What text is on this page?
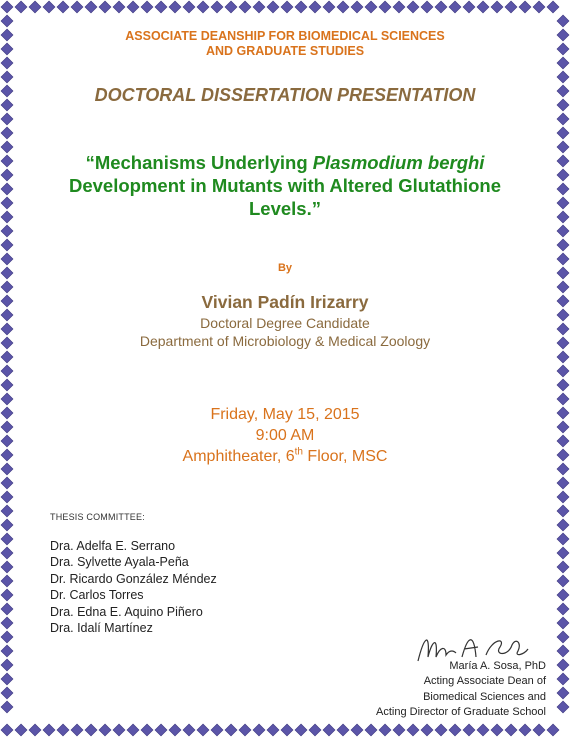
ASSOCIATE DEANSHIP FOR BIOMEDICAL SCIENCES
AND GRADUATE STUDIES
DOCTORAL DISSERTATION PRESENTATION
“Mechanisms Underlying Plasmodium berghi
Development in Mutants with Altered Glutathione
Levels.”
By
Vivian Padín Irizarry
Doctoral Degree Candidate
Department of Microbiology & Medical Zoology
Friday, May 15, 2015
9:00 AM
Amphitheater, 6th Floor, MSC
THESIS COMMITTEE:
Dra. Adelfa E. Serrano
Dra. Sylvette Ayala-Peña
Dr. Ricardo González Méndez
Dr. Carlos Torres
Dra. Edna E. Aquino Piñero
Dra. Idalí Martínez
María A. Sosa, PhD
Acting Associate Dean of
Biomedical Sciences and
Acting Director of Graduate School
